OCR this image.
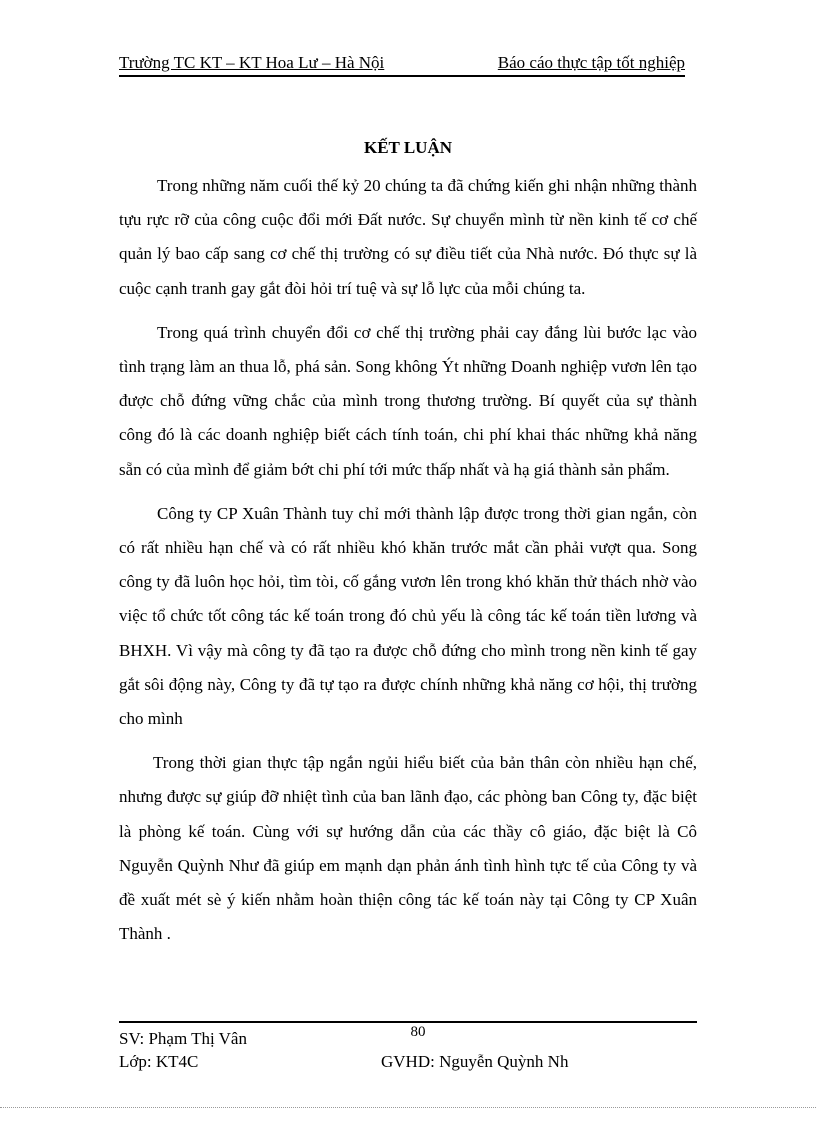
Trường TC KT – KT Hoa Lư – Hà Nội	Báo cáo thực tập tốt nghiệp
KẾT LUẬN

Trong những năm cuối thế kỷ 20 chúng ta đã chứng kiến ghi nhận những thành tựu rực rỡ của công cuộc đổi mới Đất nước. Sự chuyển mình từ nền kinh tế cơ chế quản lý bao cấp sang cơ chế thị trường có sự điều tiết của Nhà nước. Đó thực sự là cuộc cạnh tranh gay gắt đòi hỏi trí tuệ và sự lỗ lực của mỗi chúng ta.

Trong quá trình chuyển đổi cơ chế thị trường phải cay đắng lùi bước lạc vào tình trạng làm an thua lỗ, phá sản. Song không Ýt những Doanh nghiệp vươn lên tạo được chỗ đứng vững chắc của mình trong thương trường. Bí quyết của sự thành công đó là các doanh nghiệp biết cách tính toán, chi phí khai thác những khả năng sẵn có của mình để giảm bớt chi phí tới mức thấp nhất và hạ giá thành sản phẩm.

Công ty CP Xuân Thành tuy chỉ mới thành lập được trong thời gian ngắn, còn có rất nhiều hạn chế và có rất nhiều khó khăn trước mắt cần phải vượt qua. Song công ty đã luôn học hỏi, tìm tòi, cố gắng vươn lên trong khó khăn thử thách nhờ vào việc tổ chức tốt công tác kế toán trong đó chủ yếu là công tác kế toán tiền lương và BHXH. Vì vậy mà công ty đã tạo ra được chỗ đứng cho mình trong nền kinh tế gay gắt sôi động này, Công ty đã tự tạo ra được chính những khả năng cơ hội, thị trường cho mình

Trong thời gian thực tập ngắn ngủi hiểu biết của bản thân còn nhiều hạn chế, nhưng được sự giúp đỡ nhiệt tình của ban lãnh đạo, các phòng ban Công ty, đặc biệt là phòng kế toán. Cùng với sự hướng dẫn của các thầy cô giáo, đặc biệt là Cô Nguyễn Quỳnh Như đã giúp em mạnh dạn phản ánh tình hình tực tế của Công ty và đề xuất mét sè ý kiến nhằm hoàn thiện công tác kế toán này tại Công ty CP Xuân Thành .

80
SV: Phạm Thị Vân
Lớp: KT4C	GVHD: Nguyễn Quỳnh Nh
